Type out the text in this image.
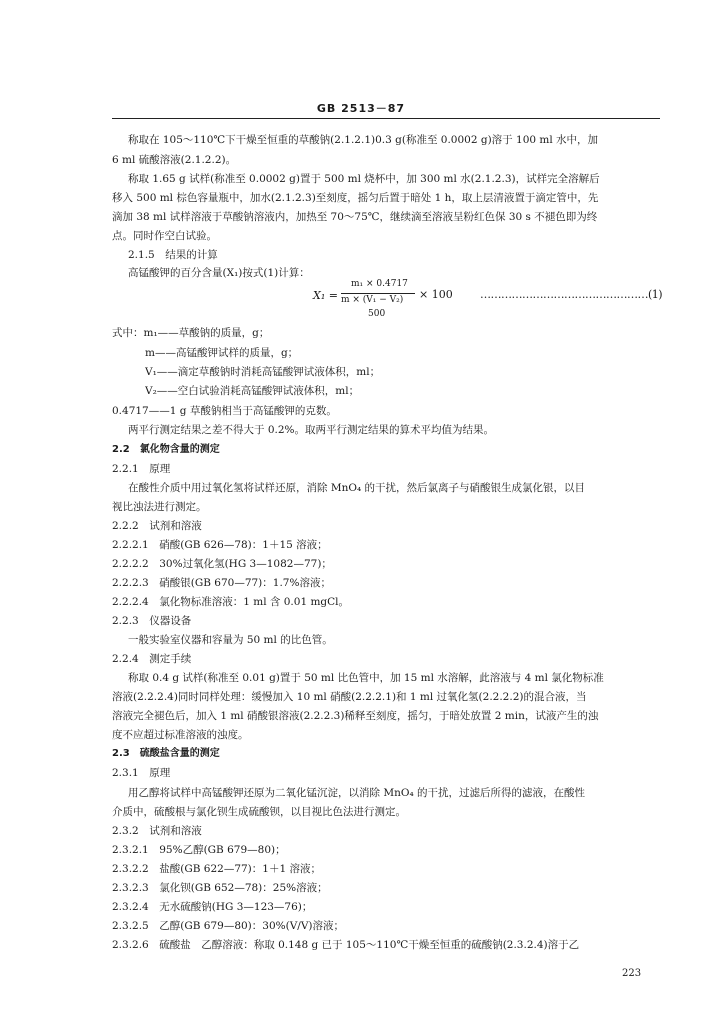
GB 2513－87
称取在 105～110℃下干燥至恒重的草酸钠(2.1.2.1)0.3 g(称准至 0.0002 g)溶于 100 ml 水中，加
6 ml 硫酸溶液(2.1.2.2)。
称取 1.65 g 试样(称准至 0.0002 g)置于 500 ml 烧杯中，加 300 ml 水(2.1.2.3)，试样完全溶解后
移入 500 ml 棕色容量瓶中，加水(2.1.2.3)至刻度，摇匀后置于暗处 1 h，取上层清液置于滴定管中，先
滴加 38 ml 试样溶液于草酸钠溶液内，加热至 70～75℃，继续滴至溶液呈粉红色保 30 s 不褪色即为终
点。同时作空白试验。
2.1.5　结果的计算
高锰酸钾的百分含量(X₁)按式(1)计算：
X₁ =
m₁ × 0.4717
m × (V₁ − V₂)
500
× 100 …………………………………………(1)
式中：m₁——草酸钠的质量，g；
m——高锰酸钾试样的质量，g；
V₁——滴定草酸钠时消耗高锰酸钾试液体积，ml；
V₂——空白试验消耗高锰酸钾试液体积，ml；
0.4717——1 g 草酸钠相当于高锰酸钾的克数。
两平行测定结果之差不得大于 0.2%。取两平行测定结果的算术平均值为结果。
2.2　氯化物含量的测定
2.2.1　原理
在酸性介质中用过氧化氢将试样还原，消除 MnO₄ 的干扰，然后氯离子与硝酸银生成氯化银，以目
视比浊法进行测定。
2.2.2　试剂和溶液
2.2.2.1　硝酸(GB 626—78)：1＋15 溶液；
2.2.2.2　30%过氧化氢(HG 3—1082—77)；
2.2.2.3　硝酸银(GB 670—77)：1.7%溶液；
2.2.2.4　氯化物标准溶液：1 ml 含 0.01 mgCl。
2.2.3　仪器设备
一般实验室仪器和容量为 50 ml 的比色管。
2.2.4　测定手续
称取 0.4 g 试样(称准至 0.01 g)置于 50 ml 比色管中，加 15 ml 水溶解，此溶液与 4 ml 氯化物标准
溶液(2.2.2.4)同时同样处理：缓慢加入 10 ml 硝酸(2.2.2.1)和 1 ml 过氧化氢(2.2.2.2)的混合液，当
溶液完全褪色后，加入 1 ml 硝酸银溶液(2.2.2.3)稀释至刻度，摇匀，于暗处放置 2 min，试液产生的浊
度不应超过标准溶液的浊度。
2.3　硫酸盐含量的测定
2.3.1　原理
用乙醇将试样中高锰酸钾还原为二氧化锰沉淀，以消除 MnO₄ 的干扰，过滤后所得的滤液，在酸性
介质中，硫酸根与氯化钡生成硫酸钡，以目视比色法进行测定。
2.3.2　试剂和溶液
2.3.2.1　95%乙醇(GB 679—80)；
2.3.2.2　盐酸(GB 622—77)：1＋1 溶液；
2.3.2.3　氯化钡(GB 652—78)：25%溶液；
2.3.2.4　无水硫酸钠(HG 3—123—76)；
2.3.2.5　乙醇(GB 679—80)：30%(V/V)溶液；
2.3.2.6　硫酸盐　乙醇溶液：称取 0.148 g 已于 105～110℃干燥至恒重的硫酸钠(2.3.2.4)溶于乙
223
